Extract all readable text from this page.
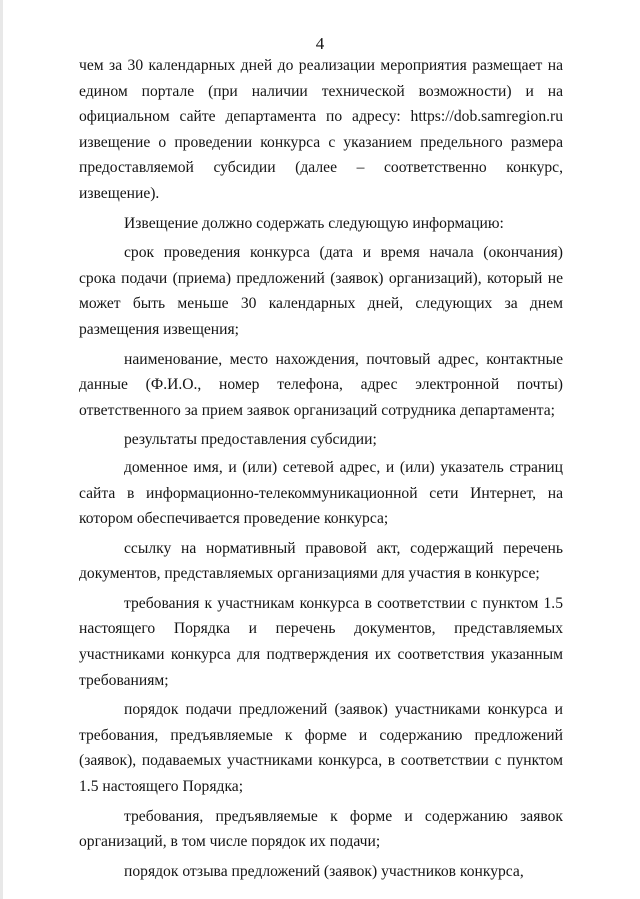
4

чем за 30 календарных дней до реализации мероприятия размещает на едином портале (при наличии технической возможности) и на официальном сайте департамента по адресу: https://dob.samregion.ru извещение о проведении конкурса с указанием предельного размера предоставляемой субсидии (далее – соответственно конкурс, извещение).

Извещение должно содержать следующую информацию:

срок проведения конкурса (дата и время начала (окончания) срока подачи (приема) предложений (заявок) организаций), который не может быть меньше 30 календарных дней, следующих за днем размещения извещения;

наименование, место нахождения, почтовый адрес, контактные данные (Ф.И.О., номер телефона, адрес электронной почты) ответственного за прием заявок организаций сотрудника департамента;

результаты предоставления субсидии;

доменное имя, и (или) сетевой адрес, и (или) указатель страниц сайта в информационно-телекоммуникационной сети Интернет, на котором обеспечивается проведение конкурса;

ссылку на нормативный правовой акт, содержащий перечень документов, представляемых организациями для участия в конкурсе;

требования к участникам конкурса в соответствии с пунктом 1.5 настоящего Порядка и перечень документов, представляемых участниками конкурса для подтверждения их соответствия указанным требованиям;

порядок подачи предложений (заявок) участниками конкурса и требования, предъявляемые к форме и содержанию предложений (заявок), подаваемых участниками конкурса, в соответствии с пунктом 1.5 настоящего Порядка;

требования, предъявляемые к форме и содержанию заявок организаций, в том числе порядок их подачи;

порядок отзыва предложений (заявок) участников конкурса,
